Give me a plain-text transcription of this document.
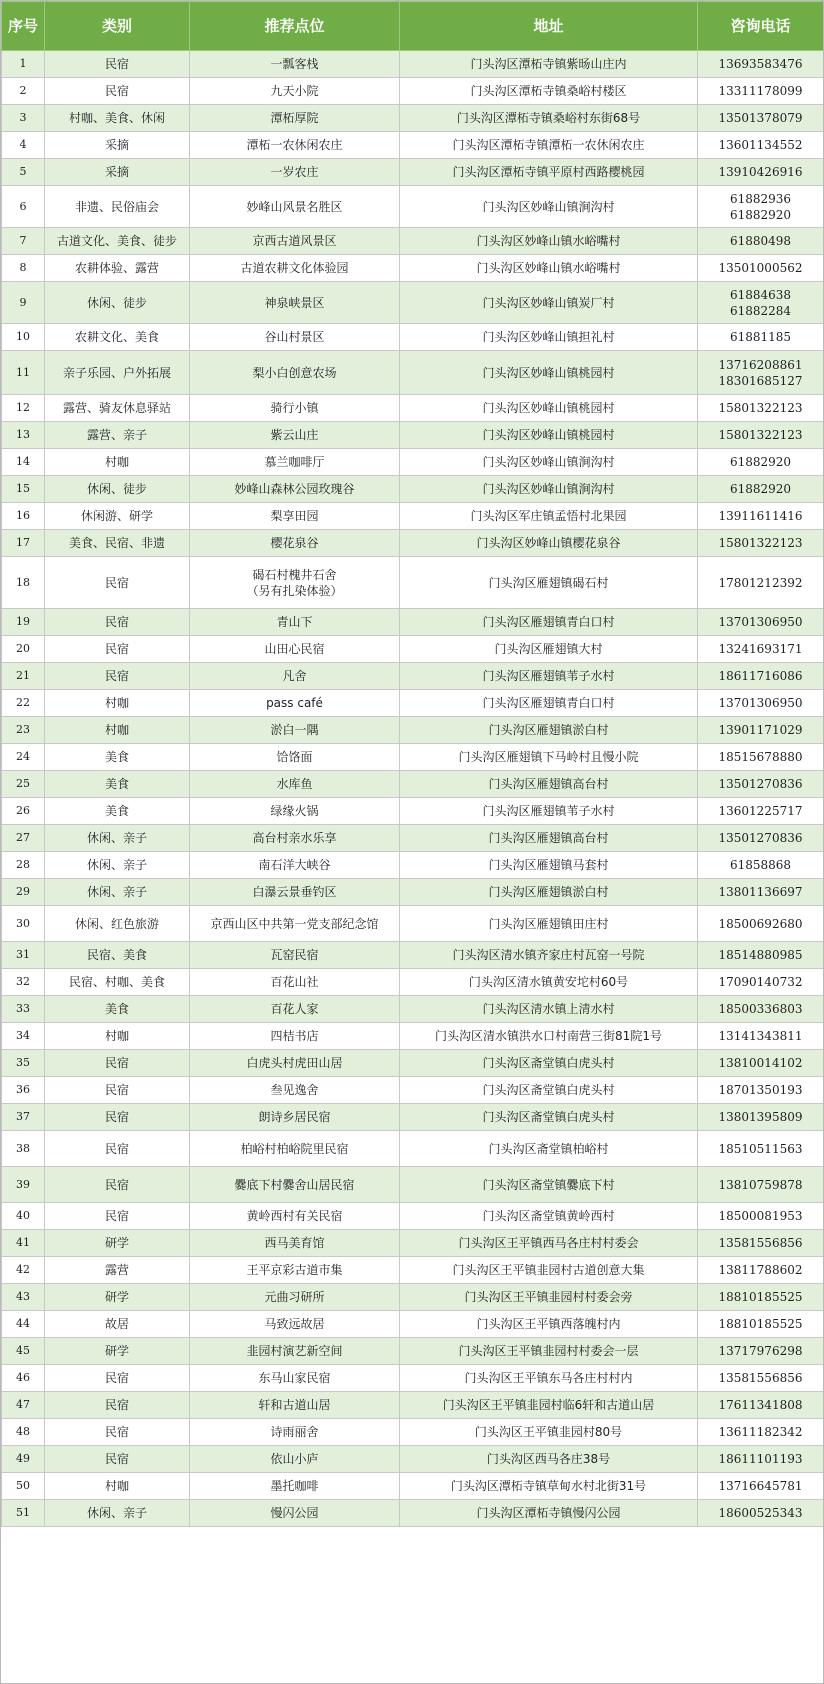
序号	类别	推荐点位	地址	咨询电话
1	民宿	一瓢客栈	门头沟区潭柘寺镇紫旸山庄内	13693583476

2	民宿	九天小院	门头沟区潭柘寺镇桑峪村楼区	13311178099

3	村咖、美食、休闲	潭柘厚院	门头沟区潭柘寺镇桑峪村东街68号	13501378079

4	采摘	潭柘一农休闲农庄	门头沟区潭柘寺镇潭柘一农休闲农庄	13601134552

5	采摘	一岁农庄	门头沟区潭柘寺镇平原村西路樱桃园	13910426916

6	非遗、民俗庙会	妙峰山风景名胜区	门头沟区妙峰山镇涧沟村	61882936
61882920

7	古道文化、美食、徒步	京西古道风景区	门头沟区妙峰山镇水峪嘴村	61880498

8	农耕体验、露营	古道农耕文化体验园	门头沟区妙峰山镇水峪嘴村	13501000562

9	休闲、徒步	神泉峡景区	门头沟区妙峰山镇炭厂村	61884638
61882284

10	农耕文化、美食	谷山村景区	门头沟区妙峰山镇担礼村	61881185

11	亲子乐园、户外拓展	梨小白创意农场	门头沟区妙峰山镇桃园村	13716208861
18301685127

12	露营、骑友休息驿站	骑行小镇	门头沟区妙峰山镇桃园村	15801322123

13	露营、亲子	紫云山庄	门头沟区妙峰山镇桃园村	15801322123

14	村咖	慕兰咖啡厅	门头沟区妙峰山镇涧沟村	61882920

15	休闲、徒步	妙峰山森林公园玫瑰谷	门头沟区妙峰山镇涧沟村	61882920

16	休闲游、研学	梨享田园	门头沟区军庄镇孟悟村北果园	13911611416

17	美食、民宿、非遗	樱花泉谷	门头沟区妙峰山镇樱花泉谷	15801322123

18	民宿	碣石村槐井石舍
（另有扎染体验）	门头沟区雁翅镇碣石村	17801212392

19	民宿	青山下	门头沟区雁翅镇青白口村	13701306950

20	民宿	山田心民宿	门头沟区雁翅镇大村	13241693171

21	民宿	凡舍	门头沟区雁翅镇苇子水村	18611716086

22	村咖	pass café	门头沟区雁翅镇青白口村	13701306950

23	村咖	淤白一隅	门头沟区雁翅镇淤白村	13901171029

24	美食	饸饹面	门头沟区雁翅镇下马岭村且慢小院	18515678880

25	美食	水库鱼	门头沟区雁翅镇高台村	13501270836

26	美食	绿缘火锅	门头沟区雁翅镇苇子水村	13601225717

27	休闲、亲子	高台村亲水乐享	门头沟区雁翅镇高台村	13501270836

28	休闲、亲子	南石洋大峡谷	门头沟区雁翅镇马套村	61858868

29	休闲、亲子	白瀑云景垂钓区	门头沟区雁翅镇淤白村	13801136697

30	休闲、红色旅游	京西山区中共第一党支部纪念馆	门头沟区雁翅镇田庄村	18500692680

31	民宿、美食	瓦窑民宿	门头沟区清水镇齐家庄村瓦窑一号院	18514880985

32	民宿、村咖、美食	百花山社	门头沟区清水镇黄安坨村60号	17090140732

33	美食	百花人家	门头沟区清水镇上清水村	18500336803

34	村咖	四桔书店	门头沟区清水镇洪水口村南营三街81院1号	13141343811

35	民宿	白虎头村虎田山居	门头沟区斋堂镇白虎头村	13810014102

36	民宿	叁见逸舍	门头沟区斋堂镇白虎头村	18701350193

37	民宿	朗诗乡居民宿	门头沟区斋堂镇白虎头村	13801395809

38	民宿	柏峪村柏峪院里民宿	门头沟区斋堂镇柏峪村	18510511563

39	民宿	爨底下村爨舍山居民宿	门头沟区斋堂镇爨底下村	13810759878

40	民宿	黄岭西村有关民宿	门头沟区斋堂镇黄岭西村	18500081953

41	研学	西马美育馆	门头沟区王平镇西马各庄村村委会	13581556856

42	露营	王平京彩古道市集	门头沟区王平镇韭园村古道创意大集	13811788602

43	研学	元曲习研所	门头沟区王平镇韭园村村委会旁	18810185525

44	故居	马致远故居	门头沟区王平镇西落魄村内	18810185525

45	研学	韭园村演艺新空间	门头沟区王平镇韭园村村委会一层	13717976298

46	民宿	东马山家民宿	门头沟区王平镇东马各庄村村内	13581556856

47	民宿	轩和古道山居	门头沟区王平镇韭园村临6轩和古道山居	17611341808

48	民宿	诗雨丽舍	门头沟区王平镇韭园村80号	13611182342

49	民宿	依山小庐	门头沟区西马各庄38号	18611101193

50	村咖	墨托咖啡	门头沟区潭柘寺镇草甸水村北街31号	13716645781

51	休闲、亲子	慢闪公园	门头沟区潭柘寺镇慢闪公园	18600525343
